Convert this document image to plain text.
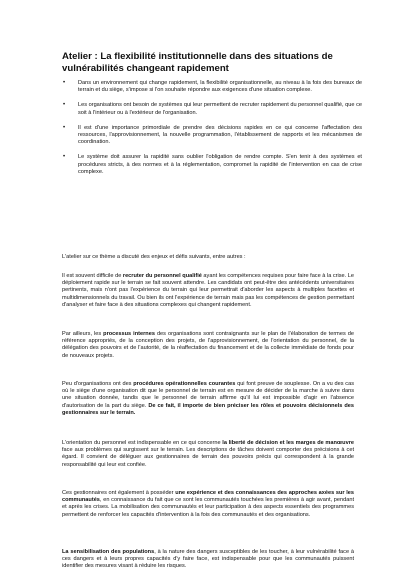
Atelier : La flexibilité institutionnelle dans des situations de vulnérabilités changeant rapidement
• Dans un environnement qui change rapidement, la flexibilité organisationnelle, au niveau à la fois des bureaux de terrain et du siège, s'impose si l'on souhaite répondre aux exigences d'une situation complexe.
• Les organisations ont besoin de systèmes qui leur permettent de recruter rapidement du personnel qualifié, que ce soit à l'intérieur ou à l'extérieur de l'organisation.
• Il est d'une importance primordiale de prendre des décisions rapides en ce qui concerne l'affectation des ressources, l'approvisionnement, la nouvelle programmation, l'établissement de rapports et les mécanismes de coordination.
• Le système doit assurer la rapidité sans oublier l'obligation de rendre compte. S'en tenir à des systèmes et procédures stricts, à des normes et à la réglementation, compromet la rapidité de l'intervention en cas de crise complexe.

L'atelier sur ce thème a discuté des enjeux et défis suivants, entre autres :

Il est souvent difficile de recruter du personnel qualifié ayant les compétences requises pour faire face à la crise. Le déploiement rapide sur le terrain se fait souvent attendre. Les candidats ont peut-être des antécédents universitaires pertinents, mais n'ont pas l'expérience du terrain qui leur permettrait d'aborder les aspects à multiples facettes et multidimensionnels du travail. Ou bien ils ont l'expérience de terrain mais pas les compétences de gestion permettant d'analyser et faire face à des situations complexes qui changent rapidement.

Par ailleurs, les processus internes des organisations sont contraignants sur le plan de l'élaboration de termes de référence appropriés, de la conception des projets, de l'approvisionnement, de l'orientation du personnel, de la délégation des pouvoirs et de l'autorité, de la réaffectation du financement et de la collecte immédiate de fonds pour de nouveaux projets.

Peu d'organisations ont des procédures opérationnelles courantes qui font preuve de souplesse. On a vu des cas où le siège d'une organisation dit que le personnel de terrain est en mesure de décider de la marche à suivre dans une situation donnée, tandis que le personnel de terrain affirme qu'il lui est impossible d'agir en l'absence d'autorisation de la part du siège. De ce fait, il importe de bien préciser les rôles et pouvoirs décisionnels des gestionnaires sur le terrain.

L'orientation du personnel est indispensable en ce qui concerne la liberté de décision et les marges de manœuvre face aux problèmes qui surgissent sur le terrain. Les descriptions de tâches doivent comporter des précisions à cet égard. Il convient de déléguer aux gestionnaires de terrain des pouvoirs précis qui correspondent à la grande responsabilité qui leur est confiée.

Ces gestionnaires ont également à posséder une expérience et des connaissances des approches axées sur les communautés, en connaissance du fait que ce sont les communautés touchées les premières à agir avant, pendant et après les crises. La mobilisation des communautés et leur participation à des aspects essentiels des programmes permettent de renforcer les capacités d'intervention à la fois des communautés et des organisations.

La sensibilisation des populations, à la nature des dangers susceptibles de les toucher, à leur vulnérabilité face à ces dangers et à leurs propres capacités d'y faire face, est indispensable pour que les communautés puissent identifier des mesures visant à réduire les risques.
